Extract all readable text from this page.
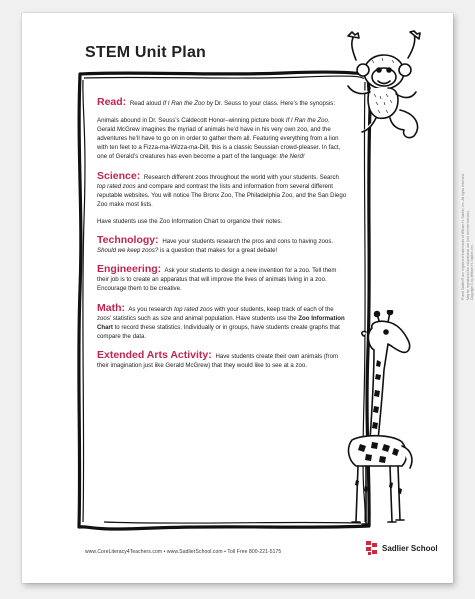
STEM Unit Plan

Read: Read aloud If I Ran the Zoo by Dr. Seuss to your class. Here’s the synopsis:

Animals abound in Dr. Seuss’s Caldecott Honor–winning picture book If I Ran the Zoo. Gerald McGrew imagines the myriad of animals he’d have in his very own zoo, and the adventures he’ll have to go on in order to gather them all. Featuring everything from a lion with ten feet to a Fizza-ma-Wizza-ma-Dill, this is a classic Seussian crowd-pleaser. In fact, one of Gerald’s creatures has even become a part of the language: the Nerd!

Science: Research different zoos throughout the world with your students. Search top rated zoos and compare and contrast the lists and information from several different reputable websites. You will notice The Bronx Zoo, The Philadelphia Zoo, and the San Diego Zoo make most lists.

Have students use the Zoo Information Chart to organize their notes.

Technology: Have your students research the pros and cons to having zoos. Should we keep zoos? is a question that makes for a great debate!

Engineering: Ask your students to design a new invention for a zoo. Tell them their job is to create an apparatus that will improve the lives of animals living in a zoo. Encourage them to be creative.

Math: As you research top rated zoos with your students, keep track of each of the zoos’ statistics such as size and animal population. Have students use the Zoo Information Chart to record these statistics. Individually or in groups, have students create graphs that compare the data.

Extended Arts Activity: Have students create their own animals (from their imagination just like Gerald McGrew) that they would like to see at a zoo.

® and Sadlier® are registered trademarks of William H. Sadlier, Inc. All rights reserved. May be reproduced for educational use (not commercial use). Copyright © by William H. Sadlier, Inc.
www.CoreLiteracy4Teachers.com • www.SadlierSchool.com • Toll Free 800-221-5175	Sadlier School
